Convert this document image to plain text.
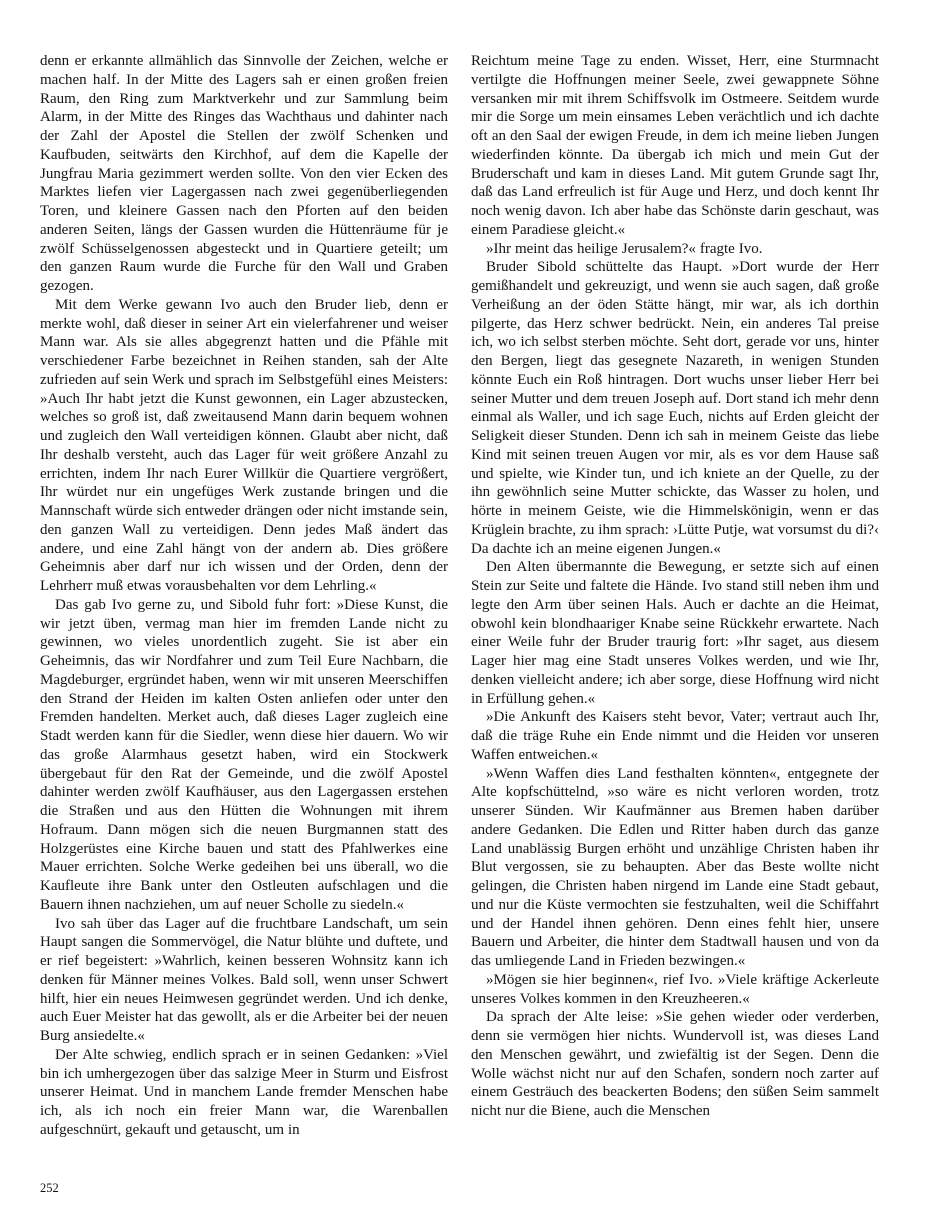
denn er erkannte allmählich das Sinnvolle der Zeichen, welche er machen half. In der Mitte des Lagers sah er einen großen freien Raum, den Ring zum Marktverkehr und zur Sammlung beim Alarm, in der Mitte des Ringes das Wachthaus und dahinter nach der Zahl der Apostel die Stellen der zwölf Schenken und Kaufbuden, seitwärts den Kirchhof, auf dem die Kapelle der Jungfrau Maria gezimmert werden sollte. Von den vier Ecken des Marktes liefen vier Lagergassen nach zwei gegenüberliegenden Toren, und kleinere Gassen nach den Pforten auf den beiden anderen Seiten, längs der Gassen wurden die Hüttenräume für je zwölf Schüsselgenossen abgesteckt und in Quartiere geteilt; um den ganzen Raum wurde die Furche für den Wall und Graben gezogen.

Mit dem Werke gewann Ivo auch den Bruder lieb, denn er merkte wohl, daß dieser in seiner Art ein vielerfahrener und weiser Mann war. Als sie alles abgegrenzt hatten und die Pfähle mit verschiedener Farbe bezeichnet in Reihen standen, sah der Alte zufrieden auf sein Werk und sprach im Selbstgefühl eines Meisters: »Auch Ihr habt jetzt die Kunst gewonnen, ein Lager abzustecken, welches so groß ist, daß zweitausend Mann darin bequem wohnen und zugleich den Wall verteidigen können. Glaubt aber nicht, daß Ihr deshalb versteht, auch das Lager für weit größere Anzahl zu errichten, indem Ihr nach Eurer Willkür die Quartiere vergrößert, Ihr würdet nur ein ungefüges Werk zustande bringen und die Mannschaft würde sich entweder drängen oder nicht imstande sein, den ganzen Wall zu verteidigen. Denn jedes Maß ändert das andere, und eine Zahl hängt von der andern ab. Dies größere Geheimnis aber darf nur ich wissen und der Orden, denn der Lehrherr muß etwas vorausbehalten vor dem Lehrling.«

Das gab Ivo gerne zu, und Sibold fuhr fort: »Diese Kunst, die wir jetzt üben, vermag man hier im fremden Lande nicht zu gewinnen, wo vieles unordentlich zugeht. Sie ist aber ein Geheimnis, das wir Nordfahrer und zum Teil Eure Nachbarn, die Magdeburger, ergründet haben, wenn wir mit unseren Meerschiffen den Strand der Heiden im kalten Osten anliefen oder unter den Fremden handelten. Merket auch, daß dieses Lager zugleich eine Stadt werden kann für die Siedler, wenn diese hier dauern. Wo wir das große Alarmhaus gesetzt haben, wird ein Stockwerk übergebaut für den Rat der Gemeinde, und die zwölf Apostel dahinter werden zwölf Kaufhäuser, aus den Lagergassen erstehen die Straßen und aus den Hütten die Wohnungen mit ihrem Hofraum. Dann mögen sich die neuen Burgmannen statt des Holzgerüstes eine Kirche bauen und statt des Pfahlwerkes eine Mauer errichten. Solche Werke gedeihen bei uns überall, wo die Kaufleute ihre Bank unter den Ostleuten aufschlagen und die Bauern ihnen nachziehen, um auf neuer Scholle zu siedeln.«

Ivo sah über das Lager auf die fruchtbare Landschaft, um sein Haupt sangen die Sommervögel, die Natur blühte und duftete, und er rief begeistert: »Wahrlich, keinen besseren Wohnsitz kann ich denken für Männer meines Volkes. Bald soll, wenn unser Schwert hilft, hier ein neues Heimwesen gegründet werden. Und ich denke, auch Euer Meister hat das gewollt, als er die Arbeiter bei der neuen Burg ansiedelte.«

Der Alte schwieg, endlich sprach er in seinen Gedanken: »Viel bin ich umhergezogen über das salzige Meer in Sturm und Eisfrost unserer Heimat. Und in manchem Lande fremder Menschen habe ich, als ich noch ein freier Mann war, die Warenballen aufgeschnürt, gekauft und getauscht, um in

Reichtum meine Tage zu enden. Wisset, Herr, eine Sturmnacht vertilgte die Hoffnungen meiner Seele, zwei gewappnete Söhne versanken mir mit ihrem Schiffsvolk im Ostmeere. Seitdem wurde mir die Sorge um mein einsames Leben verächtlich und ich dachte oft an den Saal der ewigen Freude, in dem ich meine lieben Jungen wiederfinden könnte. Da übergab ich mich und mein Gut der Bruderschaft und kam in dieses Land. Mit gutem Grunde sagt Ihr, daß das Land erfreulich ist für Auge und Herz, und doch kennt Ihr noch wenig davon. Ich aber habe das Schönste darin geschaut, was einem Paradiese gleicht.«

»Ihr meint das heilige Jerusalem?« fragte Ivo.

Bruder Sibold schüttelte das Haupt. »Dort wurde der Herr gemißhandelt und gekreuzigt, und wenn sie auch sagen, daß große Verheißung an der öden Stätte hängt, mir war, als ich dorthin pilgerte, das Herz schwer bedrückt. Nein, ein anderes Tal preise ich, wo ich selbst sterben möchte. Seht dort, gerade vor uns, hinter den Bergen, liegt das gesegnete Nazareth, in wenigen Stunden könnte Euch ein Roß hintragen. Dort wuchs unser lieber Herr bei seiner Mutter und dem treuen Joseph auf. Dort stand ich mehr denn einmal als Waller, und ich sage Euch, nichts auf Erden gleicht der Seligkeit dieser Stunden. Denn ich sah in meinem Geiste das liebe Kind mit seinen treuen Augen vor mir, als es vor dem Hause saß und spielte, wie Kinder tun, und ich kniete an der Quelle, zu der ihn gewöhnlich seine Mutter schickte, das Wasser zu holen, und hörte in meinem Geiste, wie die Himmelskönigin, wenn er das Krüglein brachte, zu ihm sprach: ›Lütte Putje, wat vorsumst du di?‹ Da dachte ich an meine eigenen Jungen.«

Den Alten übermannte die Bewegung, er setzte sich auf einen Stein zur Seite und faltete die Hände. Ivo stand still neben ihm und legte den Arm über seinen Hals. Auch er dachte an die Heimat, obwohl kein blondhaariger Knabe seine Rückkehr erwartete. Nach einer Weile fuhr der Bruder traurig fort: »Ihr saget, aus diesem Lager hier mag eine Stadt unseres Volkes werden, und wie Ihr, denken vielleicht andere; ich aber sorge, diese Hoffnung wird nicht in Erfüllung gehen.«

»Die Ankunft des Kaisers steht bevor, Vater; vertraut auch Ihr, daß die träge Ruhe ein Ende nimmt und die Heiden vor unseren Waffen entweichen.«

»Wenn Waffen dies Land festhalten könnten«, entgegnete der Alte kopfschüttelnd, »so wäre es nicht verloren worden, trotz unserer Sünden. Wir Kaufmänner aus Bremen haben darüber andere Gedanken. Die Edlen und Ritter haben durch das ganze Land unablässig Burgen erhöht und unzählige Christen haben ihr Blut vergossen, sie zu behaupten. Aber das Beste wollte nicht gelingen, die Christen haben nirgend im Lande eine Stadt gebaut, und nur die Küste vermochten sie festzuhalten, weil die Schiffahrt und der Handel ihnen gehören. Denn eines fehlt hier, unsere Bauern und Arbeiter, die hinter dem Stadtwall hausen und von da das umliegende Land in Frieden bezwingen.«

»Mögen sie hier beginnen«, rief Ivo. »Viele kräftige Ackerleute unseres Volkes kommen in den Kreuzheeren.«

Da sprach der Alte leise: »Sie gehen wieder oder verderben, denn sie vermögen hier nichts. Wundervoll ist, was dieses Land den Menschen gewährt, und zwiefältig ist der Segen. Denn die Wolle wächst nicht nur auf den Schafen, sondern noch zarter auf einem Gesträuch des beackerten Bodens; den süßen Seim sammelt nicht nur die Biene, auch die Menschen

252
